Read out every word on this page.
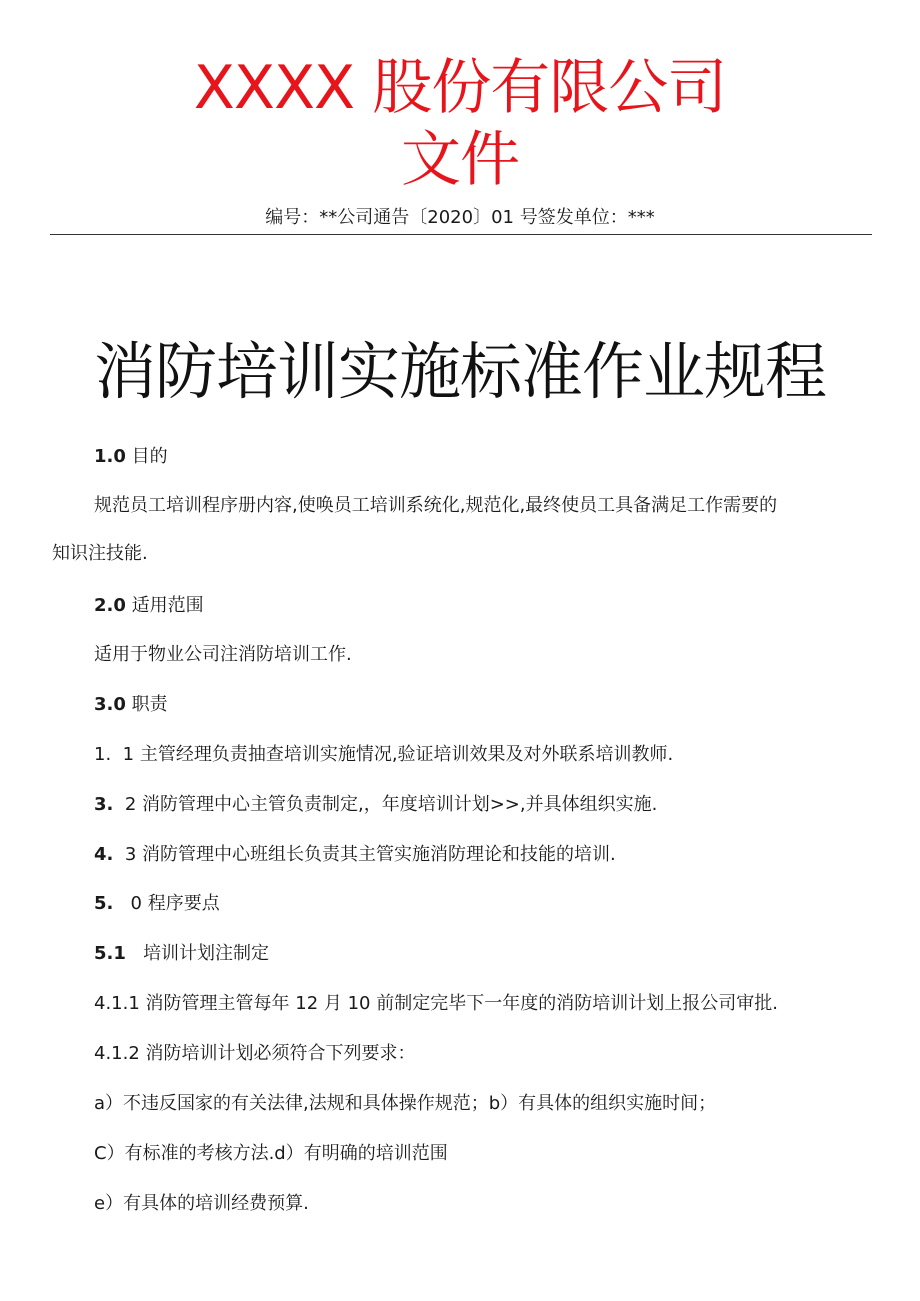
XXXX 股份有限公司
文件
编号：**公司通告〔2020〕01 号签发单位：***
消防培训实施标准作业规程
1.0 目的
规范员工培训程序册内容,使唤员工培训系统化,规范化,最终使员工具备满足工作需要的
知识注技能.
2.0 适用范围
适用于物业公司注消防培训工作.
3.0 职责
1. 1 主管经理负责抽查培训实施情况,验证培训效果及对外联系培训教师.
3. 2 消防管理中心主管负责制定,，年度培训计划>>,并具体组织实施.
4. 3 消防管理中心班组长负责其主管实施消防理论和技能的培训.
5. 0 程序要点
5.1 培训计划注制定
4.1.1 消防管理主管每年 12 月 10 前制定完毕下一年度的消防培训计划上报公司审批.
4.1.2 消防培训计划必须符合下列要求：
a）不违反国家的有关法律,法规和具体操作规范；b）有具体的组织实施时间；
C）有标准的考核方法.d）有明确的培训范围
e）有具体的培训经费预算.
